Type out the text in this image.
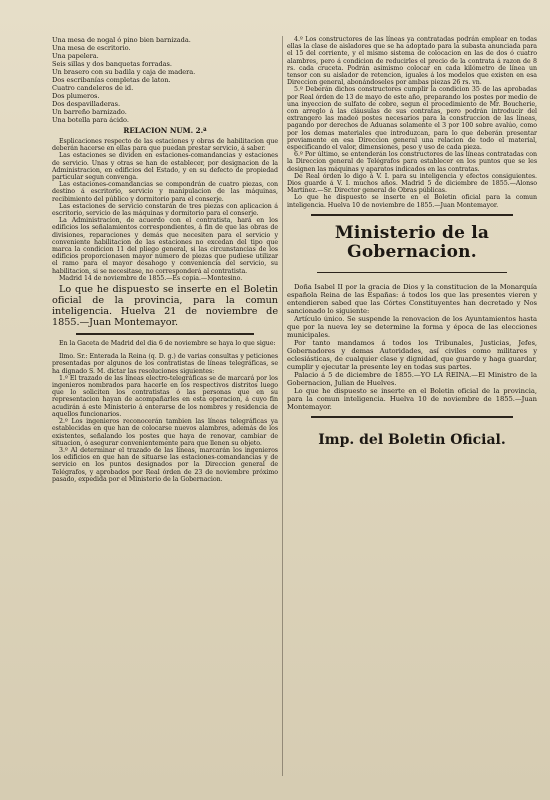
Una mesa de nogal ó pino bien barnizada.

Una mesa de escritorio.

Una papelera.

Seis sillas y dos banquetas forradas.

Un brasero con su badila y caja de madera.

Dos escribanías completas de laton.

Cuatro candeleros de id.

Dos plumeros.

Dos despavilladeras.

Un barreño barnizado.

Una botella para ácido.

RELACION NUM. 2.ª

Esplicaciones respecto de las estaciones y obras de habilitacion que deberán hacerse en ellas para que puedan prestar servicio, á saber.

Las estaciones se dividen en estaciones-comandancias y estaciones de servicio. Unas y otras se han de establecer, por designacion de la Administracion, en edificios del Estado, y en su defecto de propiedad particular segun convenga.

Las estaciones-comandancias se compondrán de cuatro piezas, con destino á escritorio, servicio y manipulacion de las máquinas, recibimiento del público y dormitorio para el conserje.

Las estaciones de servicio constarán de tres piezas con aplicacion á escritorio, servicio de las máquinas y dormitorio para el conserje.

La Administracion, de acuerdo con el contratista, hará en los edificios los señalamientos correspondientes, á fin de que las obras de divisiones, reparaciones y demás que necesiten para el servicio y conveniente habilitacion de las estaciones no excedan del tipo que marca la condicion 11 del pliego general, si las circunstancias de los edificios proporcionasen mayor número de piezas que pudiese utilizar el ramo para el mayor desahogo y conveniencia del servicio, su habilitacion, si se necesitase, no corresponderá al contratista.

Madrid 14 de noviembre de 1855.—Es copia.—Montesino.

Lo que he dispuesto se inserte en el Boletin oficial de la provincia, para la comun inteligencia. Huelva 21 de noviembre de 1855.—Juan Montemayor.

En la Gaceta de Madrid del dia 6 de noviembre se haya lo que sigue:

Ilmo. Sr.: Enterada la Reina (q. D. g.) de varias consultas y peticiones presentadas por algunos de los contratistas de líneas telegráficas, se ha dignado S. M. dictar las resoluciones siguientes:

1.º El trazado de las líneas electro-telegráficas se de marcará por los ingenieros nombrados para hacerle en los respectivos distritos luego que lo soliciten los contratistas ó las personas que en su representacion hayan de acompañarles en esta operacion, á cuyo fin acudirán á este Ministerio á enterarse de los nombres y residencia de aquellos funcionarios.

2.º Los ingenieros reconocerán tambien las líneas telegráficas ya establecidas en que han de colocarse nuevos alambres, además de los existentes, señalando los postes que haya de renovar, cambiar de situacion, ó asegurar convenientemente para que llenen su objeto.

3.º Al determinar el trazado de las líneas, marcarán los ingenieros los edificios en que han de situarse las estaciones-comandancias y de servicio en los puntos designados por la Direccion general de Telégrafos, y aprobados por Real órden de 23 de noviembre próximo pasado, expedida por el Ministerio de la Gobernacion.

4.º Los constructores de las líneas ya contratadas podrán emplear en todas ellas la clase de aisladores que se ha adoptado para la subasta anunciada para el 15 del corriente, y el mismo sistema de colocacion en las de dos ó cuatro alambres, pero á condicion de reducirles el precio de la contrata á razon de 8 rs. cada cruceta. Podrán asimismo colocar en cada kilómetro de línea un tensor con su aislador de retencion, iguales á los modelos que existen en esa Direccion general, abonándoseles por ambas piezas 26 rs. vn.

5.º Deberán dichos constructores cumplir la condicion 35 de las aprobadas por Real órden de 13 de mayo de este año, preparando los postes por medio de una inyeccion de sulfato de cobre, segun el procedimiento de Mr. Boucherie, con arreglo á las cláusulas de sus contratas, pero podrán introducir del extrangero las madeó postes necesarios para la construccion de las líneas, pagando por derechos de Aduanas solamente el 3 por 100 sobre avalúo, como por los demas materiales que introduzcan, para lo que deberán presentar previamente en esa Direccion general una relacion de todo el material, especificando el valor, dimensiones, peso y uso de cada pieza.

6.º Por último, se entenderán los constructores de las líneas contratadas con la Direccion general de Telégrafos para establecer en los puntos que se les designen las máquinas y aparatos indicados en las contratas.

De Real órden lo digo á V. I. para su inteligencia y efectos consiguientes. Dios guarde á V. I. muchos años. Madrid 5 de diciembre de 1855.—Alonso Martinez.—Sr. Director general de Obras públicas.

Lo que he dispuesto se inserte en el Boletin oficial para la comun inteligencia. Huelva 10 de noviembre de 1855.—Juan Montemayor.

Ministerio de la Gobernacion.

Doña Isabel II por la gracia de Dios y la constitucion de la Monarquía española Reina de las Españas: á todos los que las presentes vieren y entendieren sabed que las Córtes Constituyentes han decretado y Nos sancionado lo siguiente:

Artículo único. Se suspende la renovacion de los Ayuntamientos hasta que por la nueva ley se determine la forma y época de las elecciones municipales.

Por tanto mandamos á todos los Tribunales, Justicias, Jefes, Gobernadores y demas Autoridades, así civiles como militares y eclesiásticas, de cualquier clase y dignidad, que guarde y haga guardar, cumplir y ejecutar la presente ley en todas sus partes.

Palacio á 5 de diciembre de 1855.—YO LA REINA.—El Ministro de la Gobernacion, Julian de Huelves.

Lo que he dispuesto se inserte en el Boletin oficial de la provincia, para la comun inteligencia. Huelva 10 de noviembre de 1855.—Juan Montemayor.

Imp. del Boletin Oficial.
